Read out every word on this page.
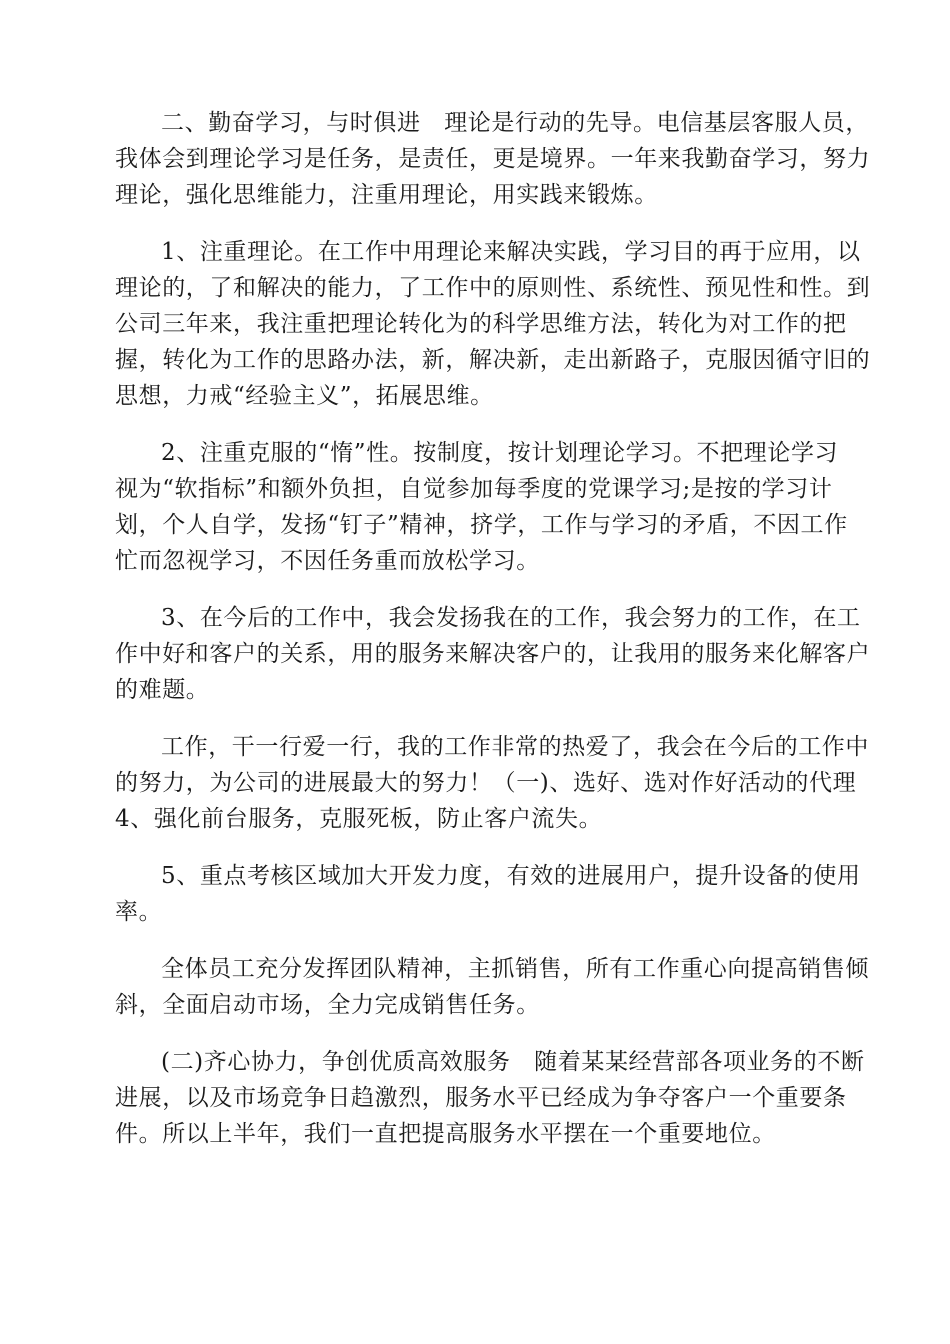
二、勤奋学习，与时俱进　理论是行动的先导。电信基层客服人员，
我体会到理论学习是任务，是责任，更是境界。一年来我勤奋学习，努力
理论，强化思维能力，注重用理论，用实践来锻炼。

1、注重理论。在工作中用理论来解决实践，学习目的再于应用，以
理论的，了和解决的能力，了工作中的原则性、系统性、预见性和性。到
公司三年来，我注重把理论转化为的科学思维方法，转化为对工作的把
握，转化为工作的思路办法，新，解决新，走出新路子，克服因循守旧的
思想，力戒“经验主义”，拓展思维。

2、注重克服的“惰”性。按制度，按计划理论学习。不把理论学习
视为“软指标”和额外负担，自觉参加每季度的党课学习;是按的学习计
划，个人自学，发扬“钉子”精神，挤学，工作与学习的矛盾，不因工作
忙而忽视学习，不因任务重而放松学习。

3、在今后的工作中，我会发扬我在的工作，我会努力的工作，在工
作中好和客户的关系，用的服务来解决客户的，让我用的服务来化解客户
的难题。

工作，干一行爱一行，我的工作非常的热爱了，我会在今后的工作中
的努力，为公司的进展最大的努力！（一)、选好、选对作好活动的代理
4、强化前台服务，克服死板，防止客户流失。

5、重点考核区域加大开发力度，有效的进展用户，提升设备的使用
率。

全体员工充分发挥团队精神，主抓销售，所有工作重心向提高销售倾
斜，全面启动市场，全力完成销售任务。

(二)齐心协力，争创优质高效服务　随着某某经营部各项业务的不断
进展，以及市场竞争日趋激烈，服务水平已经成为争夺客户一个重要条
件。所以上半年，我们一直把提高服务水平摆在一个重要地位。
